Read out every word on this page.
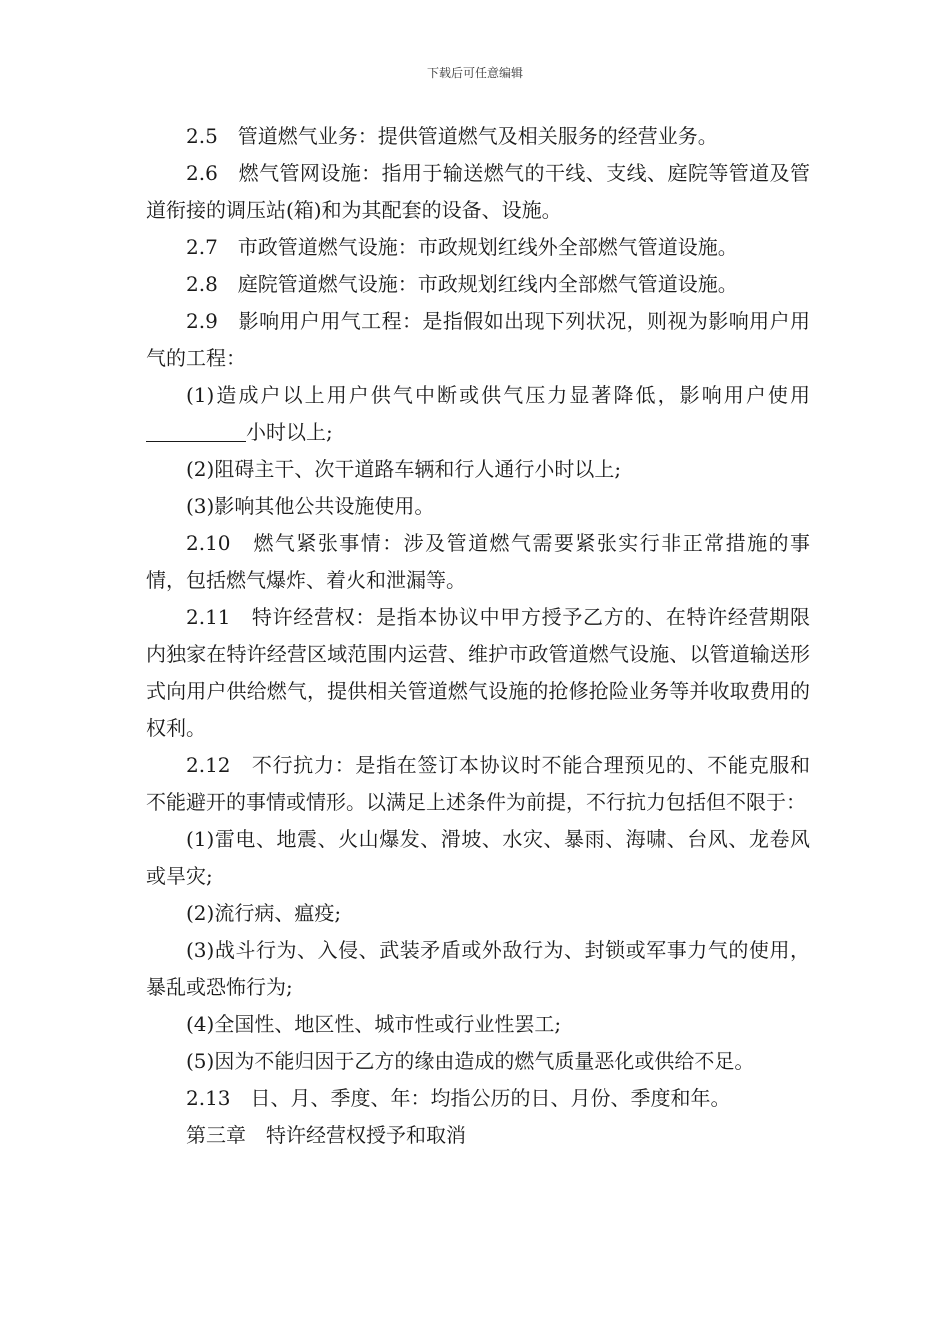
下载后可任意编辑

2.5　管道燃气业务：提供管道燃气及相关服务的经营业务。

2.6　燃气管网设施：指用于输送燃气的干线、支线、庭院等管道及管道衔接的调压站(箱)和为其配套的设备、设施。

2.7　市政管道燃气设施：市政规划红线外全部燃气管道设施。

2.8　庭院管道燃气设施：市政规划红线内全部燃气管道设施。

2.9　影响用户用气工程：是指假如出现下列状况，则视为影响用户用气的工程：

(1)造成户以上用户供气中断或供气压力显著降低，影响用户使用小时以上;

(2)阻碍主干、次干道路车辆和行人通行小时以上;

(3)影响其他公共设施使用。

2.10　燃气紧张事情：涉及管道燃气需要紧张实行非正常措施的事情，包括燃气爆炸、着火和泄漏等。

2.11　特许经营权：是指本协议中甲方授予乙方的、在特许经营期限内独家在特许经营区域范围内运营、维护市政管道燃气设施、以管道输送形式向用户供给燃气，提供相关管道燃气设施的抢修抢险业务等并收取费用的权利。

2.12　不行抗力：是指在签订本协议时不能合理预见的、不能克服和不能避开的事情或情形。以满足上述条件为前提，不行抗力包括但不限于：

(1)雷电、地震、火山爆发、滑坡、水灾、暴雨、海啸、台风、龙卷风或旱灾;

(2)流行病、瘟疫;

(3)战斗行为、入侵、武装矛盾或外敌行为、封锁或军事力气的使用，暴乱或恐怖行为;

(4)全国性、地区性、城市性或行业性罢工;

(5)因为不能归因于乙方的缘由造成的燃气质量恶化或供给不足。

2.13　日、月、季度、年：均指公历的日、月份、季度和年。

第三章　特许经营权授予和取消
